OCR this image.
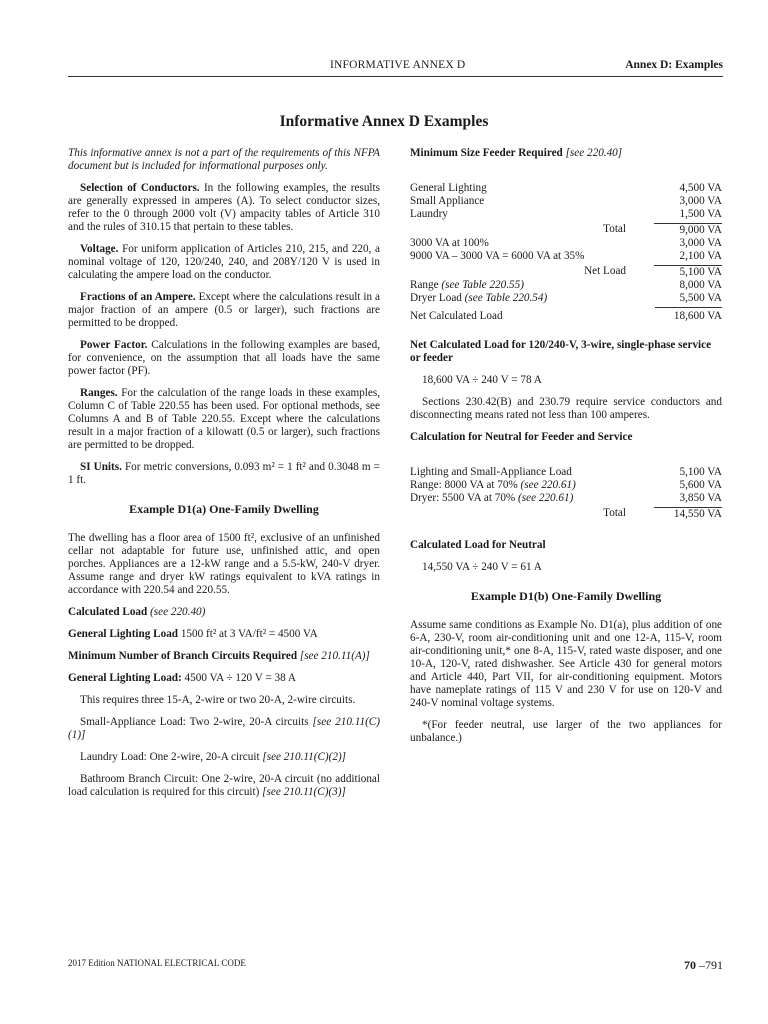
INFORMATIVE ANNEX D	Annex D: Examples
Informative Annex D Examples

This informative annex is not a part of the requirements of this NFPA document but is included for informational purposes only.

Selection of Conductors. In the following examples, the results are generally expressed in amperes (A). To select conductor sizes, refer to the 0 through 2000 volt (V) ampacity tables of Article 310 and the rules of 310.15 that pertain to these tables.

Voltage. For uniform application of Articles 210, 215, and 220, a nominal voltage of 120, 120/240, 240, and 208Y/120 V is used in calculating the ampere load on the conductor.

Fractions of an Ampere. Except where the calculations result in a major fraction of an ampere (0.5 or larger), such fractions are permitted to be dropped.

Power Factor. Calculations in the following examples are based, for convenience, on the assumption that all loads have the same power factor (PF).

Ranges. For the calculation of the range loads in these examples, Column C of Table 220.55 has been used. For optional methods, see Columns A and B of Table 220.55. Except where the calculations result in a major fraction of a kilowatt (0.5 or larger), such fractions are permitted to be dropped.

SI Units. For metric conversions, 0.093 m² = 1 ft² and 0.3048 m = 1 ft.

Example D1(a) One-Family Dwelling

The dwelling has a floor area of 1500 ft², exclusive of an unfinished cellar not adaptable for future use, unfinished attic, and open porches. Appliances are a 12-kW range and a 5.5-kW, 240-V dryer. Assume range and dryer kW ratings equivalent to kVA ratings in accordance with 220.54 and 220.55.

Calculated Load (see 220.40)
General Lighting Load 1500 ft² at 3 VA/ft² = 4500 VA
Minimum Number of Branch Circuits Required [see 210.11(A)]
General Lighting Load: 4500 VA ÷ 120 V = 38 A

This requires three 15-A, 2-wire or two 20-A, 2-wire circuits.

Small-Appliance Load: Two 2-wire, 20-A circuits [see 210.11(C)(1)]

Laundry Load: One 2-wire, 20-A circuit [see 210.11(C)(2)]

Bathroom Branch Circuit: One 2-wire, 20-A circuit (no additional load calculation is required for this circuit) [see 210.11(C)(3)]

Minimum Size Feeder Required [see 220.40]
General Lighting	4,500 VA
Small Appliance	3,000 VA
Laundry	1,500 VA
Total	9,000 VA
3000 VA at 100%	3,000 VA
9000 VA – 3000 VA = 6000 VA at 35%	2,100 VA
Net Load	5,100 VA
Range (see Table 220.55)	8,000 VA
Dryer Load (see Table 220.54)	5,500 VA
Net Calculated Load	18,600 VA
Net Calculated Load for 120/240-V, 3-wire, single-phase service or feeder

18,600 VA ÷ 240 V = 78 A

Sections 230.42(B) and 230.79 require service conductors and disconnecting means rated not less than 100 amperes.

Calculation for Neutral for Feeder and Service
Lighting and Small-Appliance Load	5,100 VA
Range: 8000 VA at 70% (see 220.61)	5,600 VA
Dryer: 5500 VA at 70% (see 220.61)	3,850 VA
Total	14,550 VA
Calculated Load for Neutral

14,550 VA ÷ 240 V = 61 A

Example D1(b) One-Family Dwelling

Assume same conditions as Example No. D1(a), plus addition of one 6-A, 230-V, room air-conditioning unit and one 12-A, 115-V, room air-conditioning unit,* one 8-A, 115-V, rated waste disposer, and one 10-A, 120-V, rated dishwasher. See Article 430 for general motors and Article 440, Part VII, for air-conditioning equipment. Motors have nameplate ratings of 115 V and 230 V for use on 120-V and 240-V nominal voltage systems.

*(For feeder neutral, use larger of the two appliances for unbalance.)

2017 Edition NATIONAL ELECTRICAL CODE	70 –791
